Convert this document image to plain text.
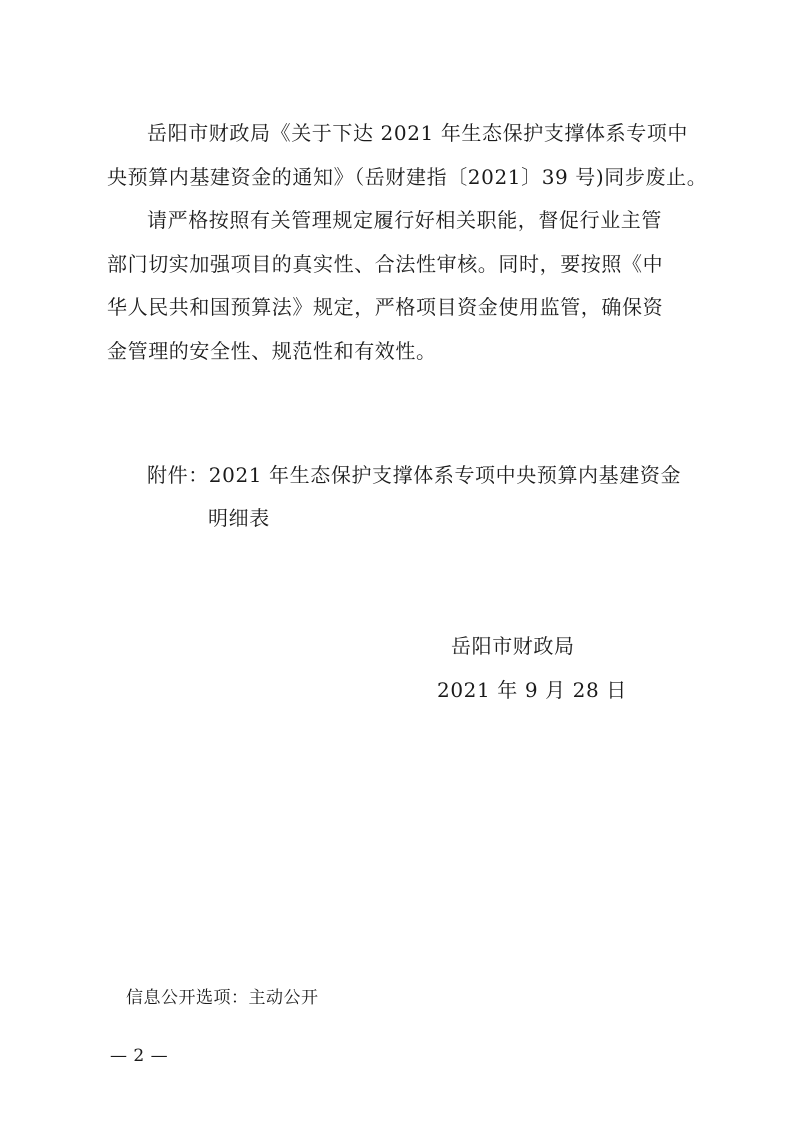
岳阳市财政局《关于下达 2021 年生态保护支撑体系专项中
央预算内基建资金的通知》（岳财建指〔2021〕39 号)同步废止。
请严格按照有关管理规定履行好相关职能，督促行业主管
部门切实加强项目的真实性、合法性审核。同时，要按照《中
华人民共和国预算法》规定，严格项目资金使用监管，确保资
金管理的安全性、规范性和有效性。
附件：2021 年生态保护支撑体系专项中央预算内基建资金
明细表
岳阳市财政局
2021 年 9 月 28 日
信息公开选项：主动公开
— 2 —
